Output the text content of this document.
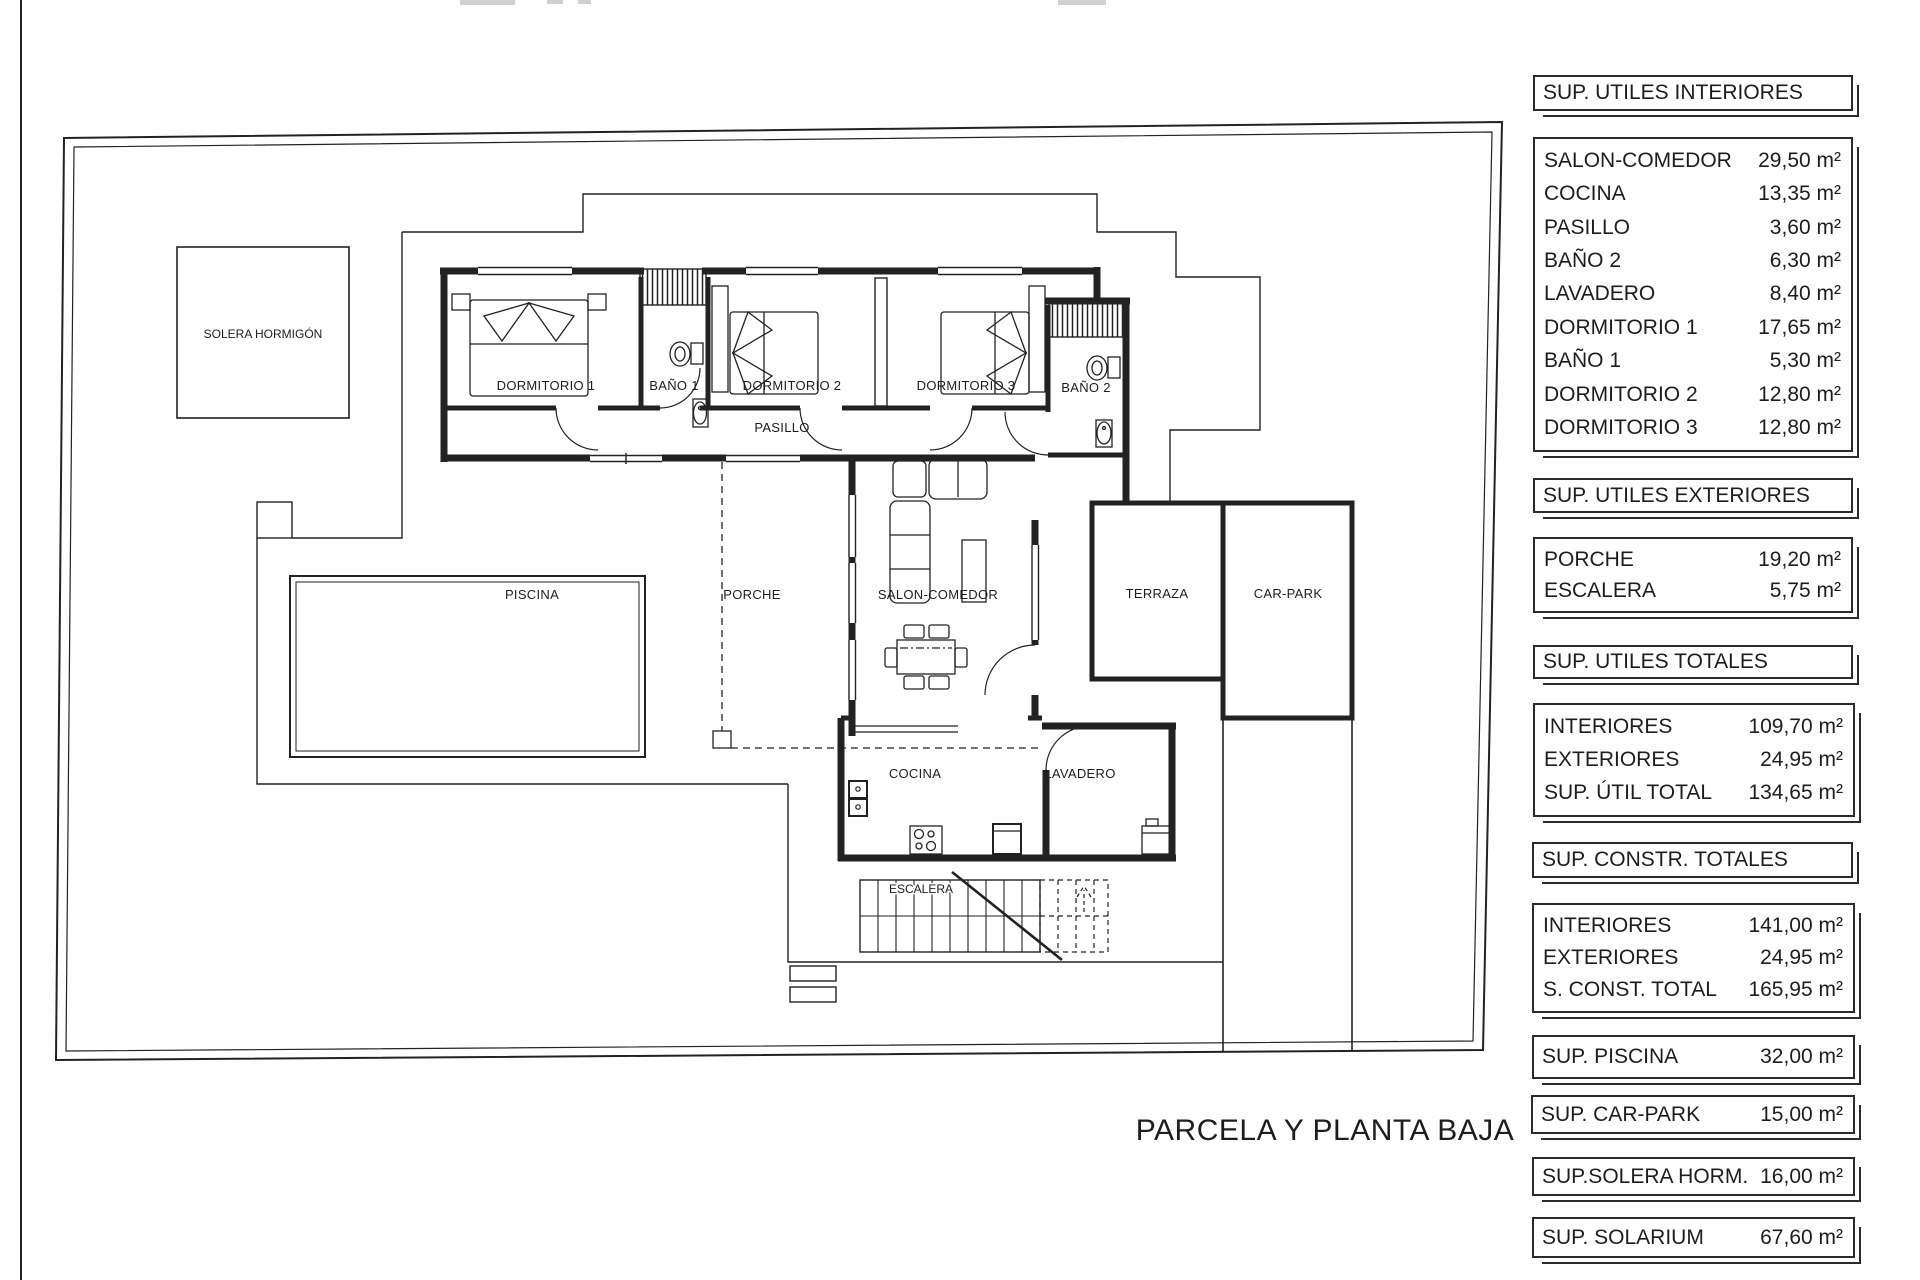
SOLERA HORMIGÓN
PISCINA	TERRAZA	CAR-PARK
ESCALERA
DORMITORIO 1	BAÑO 1	DORMITORIO 2	DORMITORIO 3	BAÑO 2
PASILLO
PORCHE	SALON-COMEDOR
COCINA	LAVADERO
PARCELA Y PLANTA BAJA
SUP. UTILES INTERIORES
SALON-COMEDOR 29,50 m²
COCINA	13,35 m²
PASILLO	3,60 m²
BAÑO 2	6,30 m²
LAVADERO	8,40 m²
DORMITORIO 1	17,65 m²
BAÑO 1	5,30 m²
DORMITORIO 2	12,80 m²
DORMITORIO 3	12,80 m²
SUP. UTILES EXTERIORES
PORCHE	19,20 m²
ESCALERA	5,75 m²
SUP. UTILES TOTALES
INTERIORES	109,70 m²
EXTERIORES	24,95 m²
SUP. ÚTIL TOTAL 134,65 m²
SUP. CONSTR. TOTALES
INTERIORES	141,00 m²
EXTERIORES	24,95 m²
S. CONST. TOTAL 165,95 m²
SUP. PISCINA	32,00 m²
SUP. CAR-PARK	15,00 m²
SUP.SOLERA HORM. 16,00 m²
SUP. SOLARIUM	67,60 m²
